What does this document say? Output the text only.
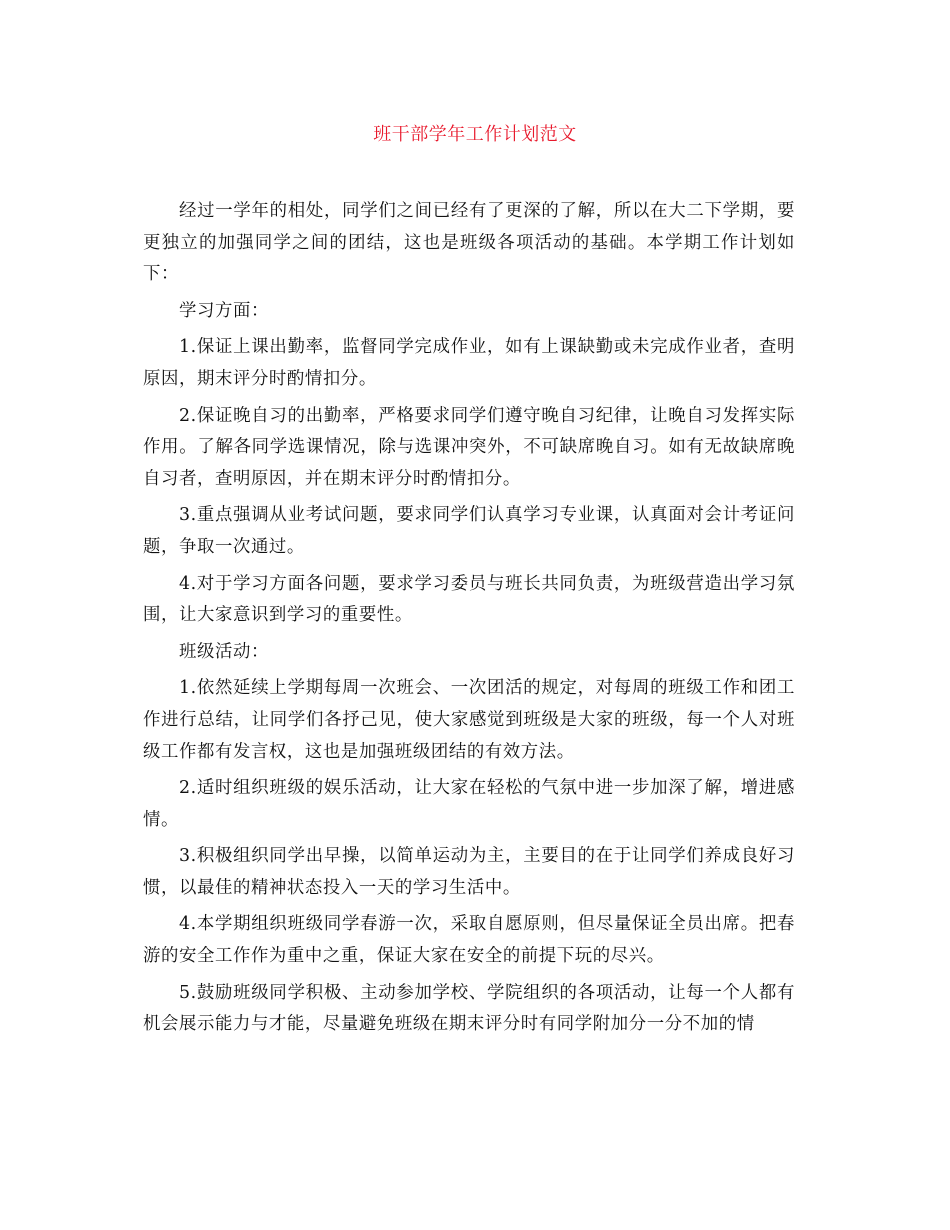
班干部学年工作计划范文

经过一学年的相处，同学们之间已经有了更深的了解，所以在大二下学期，要更独立的加强同学之间的团结，这也是班级各项活动的基础。本学期工作计划如下：

学习方面：

1.保证上课出勤率，监督同学完成作业，如有上课缺勤或未完成作业者，查明原因，期末评分时酌情扣分。

2.保证晚自习的出勤率，严格要求同学们遵守晚自习纪律，让晚自习发挥实际作用。了解各同学选课情况，除与选课冲突外，不可缺席晚自习。如有无故缺席晚自习者，查明原因，并在期末评分时酌情扣分。

3.重点强调从业考试问题，要求同学们认真学习专业课，认真面对会计考证问题，争取一次通过。

4.对于学习方面各问题，要求学习委员与班长共同负责，为班级营造出学习氛围，让大家意识到学习的重要性。

班级活动：

1.依然延续上学期每周一次班会、一次团活的规定，对每周的班级工作和团工作进行总结，让同学们各抒己见，使大家感觉到班级是大家的班级，每一个人对班级工作都有发言权，这也是加强班级团结的有效方法。

2.适时组织班级的娱乐活动，让大家在轻松的气氛中进一步加深了解，增进感情。

3.积极组织同学出早操，以简单运动为主，主要目的在于让同学们养成良好习惯，以最佳的精神状态投入一天的学习生活中。

4.本学期组织班级同学春游一次，采取自愿原则，但尽量保证全员出席。把春游的安全工作作为重中之重，保证大家在安全的前提下玩的尽兴。

5.鼓励班级同学积极、主动参加学校、学院组织的各项活动，让每一个人都有机会展示能力与才能，尽量避免班级在期末评分时有同学附加分一分不加的情
